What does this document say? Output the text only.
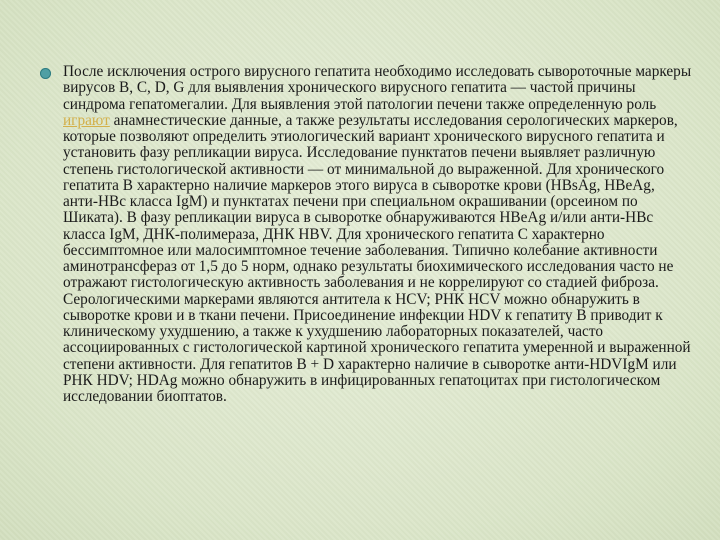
После исключения острого вирусного гепатита необходимо исследовать сывороточные маркеры вирусов B, C, D, G для выявления хронического вирусного гепатита — частой причины синдрома гепатомегалии. Для выявления этой патологии печени также определенную роль играют анамнестические данные, а также результаты исследования серологических маркеров, которые позволяют определить этиологический вариант хронического вирусного гепатита и установить фазу репликации вируса. Исследование пунктатов печени выявляет различную степень гистологической активности — от минимальной до выраженной. Для хронического гепатита B характерно наличие маркеров этого вируса в сыворотке крови (HBsAg, HBeAg, анти-HBc класса IgM) и пунктатах печени при специальном окрашивании (орсеином по Шиката). В фазу репликации вируса в сыворотке обнаруживаются HBeAg и/или анти-HBc класса IgM, ДНК-полимераза, ДНК HBV. Для хронического гепатита C характерно бессимптомное или малосимптомное течение заболевания. Типично колебание активности аминотрансфераз от 1,5 до 5 норм, однако результаты биохимического исследования часто не отражают гистологическую активность заболевания и не коррелируют со стадией фиброза. Серологическими маркерами являются антитела к HCV; РНК HCV можно обнаружить в сыворотке крови и в ткани печени. Присоединение инфекции HDV к гепатиту B приводит к клиническому ухудшению, а также к ухудшению лабораторных показателей, часто ассоциированных с гистологической картиной хронического гепатита умеренной и выраженной степени активности. Для гепатитов B + D характерно наличие в сыворотке анти-HDVIgM или РНК HDV; HDAg можно обнаружить в инфицированных гепатоцитах при гистологическом исследовании биоптатов.
